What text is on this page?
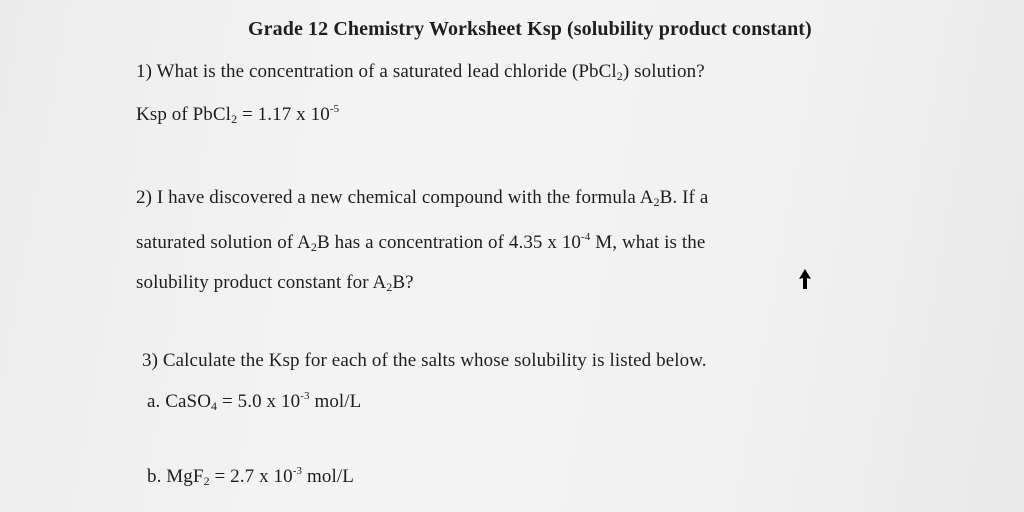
Grade 12 Chemistry Worksheet Ksp (solubility product constant)
1) What is the concentration of a saturated lead chloride (PbCl$_2$) solution?
Ksp of PbCl$_2$ = 1.17 x $10^{-5}$
2) I have discovered a new chemical compound with the formula $A_2B$. If a
saturated solution of $A_2B$ has a concentration of 4.35 x $10^{-4}$ M, what is the
solubility product constant for $A_2B$?
3) Calculate the Ksp for each of the salts whose solubility is listed below.
a. CaSO$_4$ = 5.0 x $10^{-3}$ mol/L
b. MgF$_2$ = 2.7 x $10^{-3}$ mol/L
